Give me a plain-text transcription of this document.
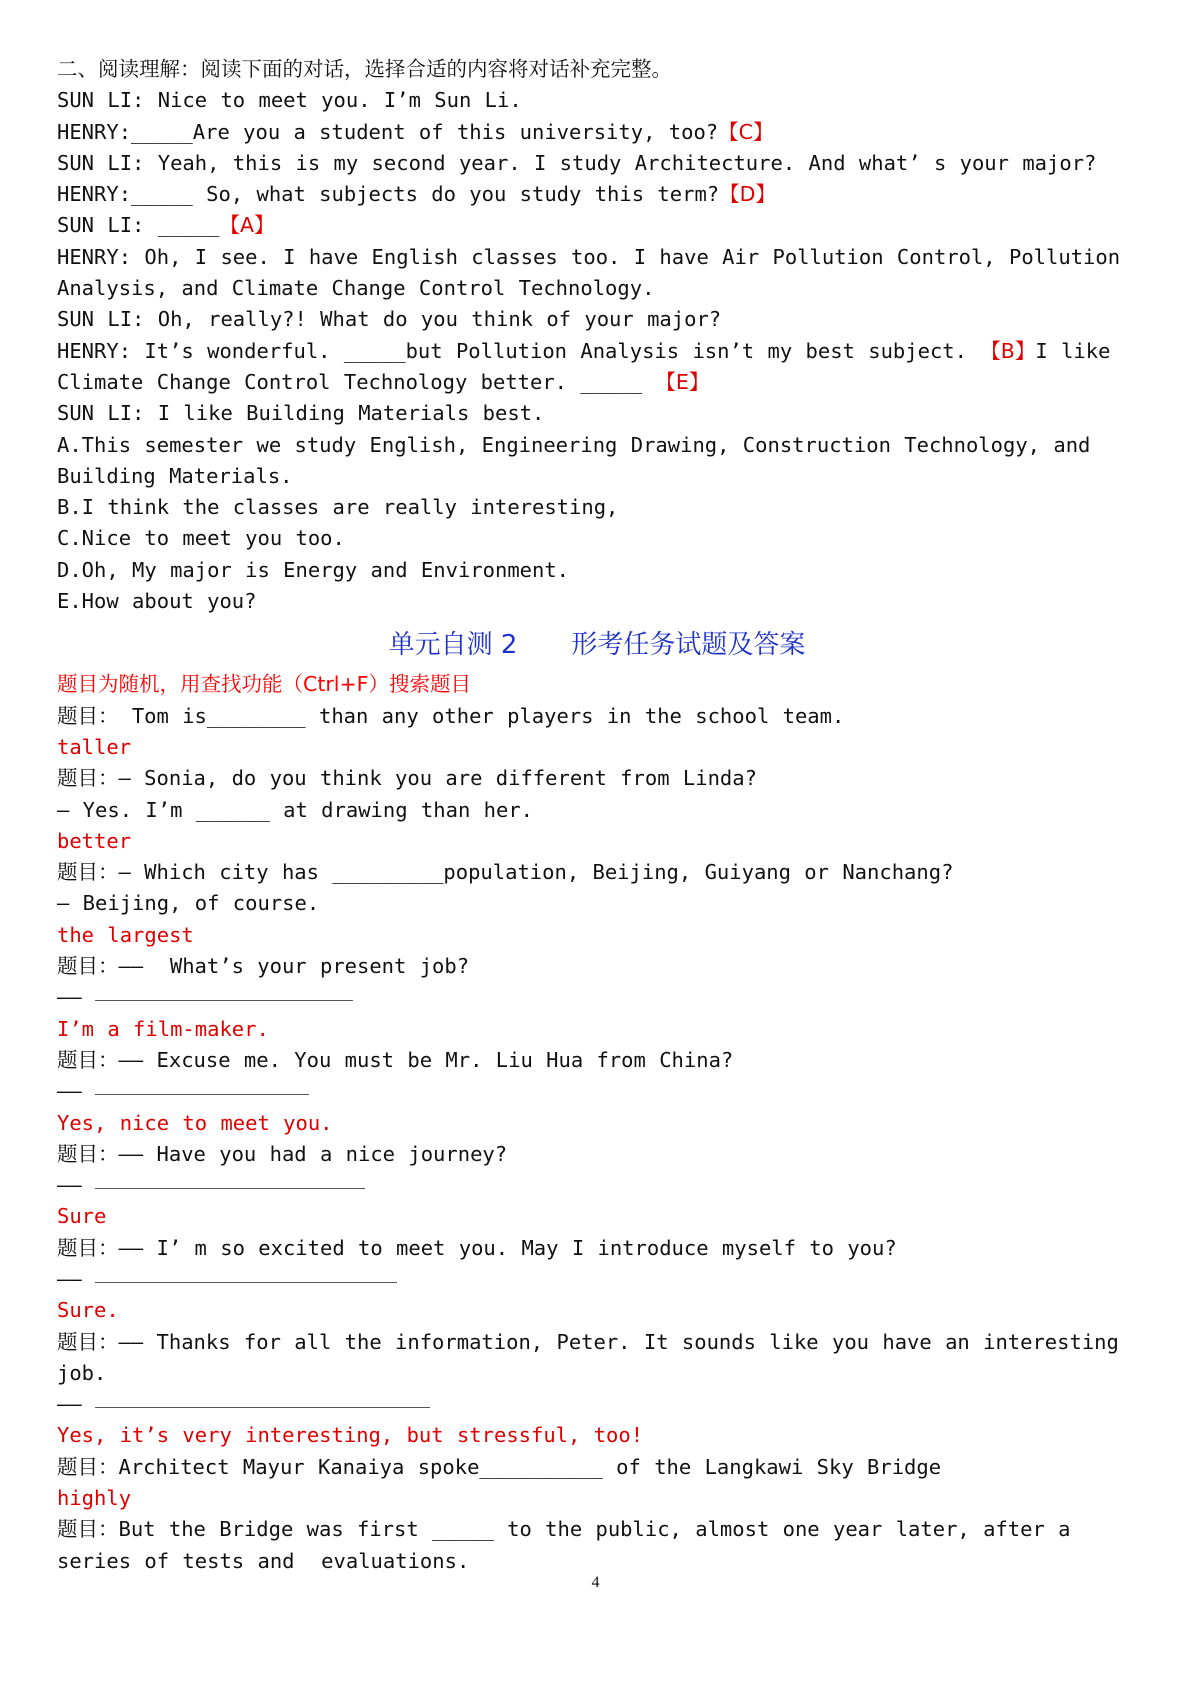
二、阅读理解：阅读下面的对话，选择合适的内容将对话补充完整。
SUN LI: Nice to meet you. I’m Sun Li.
HENRY:_____Are you a student of this university, too?【C】
SUN LI: Yeah, this is my second year. I study Architecture. And what’ s your major?
HENRY:_____ So, what subjects do you study this term?【D】
SUN LI: _____【A】
HENRY: Oh, I see. I have English classes too. I have Air Pollution Control, Pollution Analysis, and Climate Change Control Technology.
SUN LI: Oh, really?! What do you think of your major?
HENRY: It’s wonderful. _____but Pollution Analysis isn’t my best subject. 【B】I like Climate Change Control Technology better. _____ 【E】
SUN LI: I like Building Materials best.
A.This semester we study English, Engineering Drawing, Construction Technology, and Building Materials.
B.I think the classes are really interesting,
C.Nice to meet you too.
D.Oh, My major is Energy and Environment.
E.How about you?
单元自测 2 形考任务试题及答案
题目为随机，用查找功能（Ctrl+F）搜索题目
题目： Tom is________ than any other players in the school team.
taller
题目：— Sonia, do you think you are different from Linda?
— Yes. I’m ______ at drawing than her.
better
题目：— Which city has _________population, Beijing, Guiyang or Nanchang?
— Beijing, of course.
the largest
题目：——  What’s your present job?
——
I’m a film-maker.
题目：—— Excuse me. You must be Mr. Liu Hua from China?
——
Yes, nice to meet you.
题目：—— Have you had a nice journey?
——
Sure
题目：—— I’ m so excited to meet you. May I introduce myself to you?
——
Sure.
题目：—— Thanks for all the information, Peter. It sounds like you have an interesting job.
——
Yes, it’s very interesting, but stressful, too!
题目：Architect Mayur Kanaiya spoke__________ of the Langkawi Sky Bridge
highly
题目：But the Bridge was first _____ to the public, almost one year later, after a series of tests and  evaluations.
4
